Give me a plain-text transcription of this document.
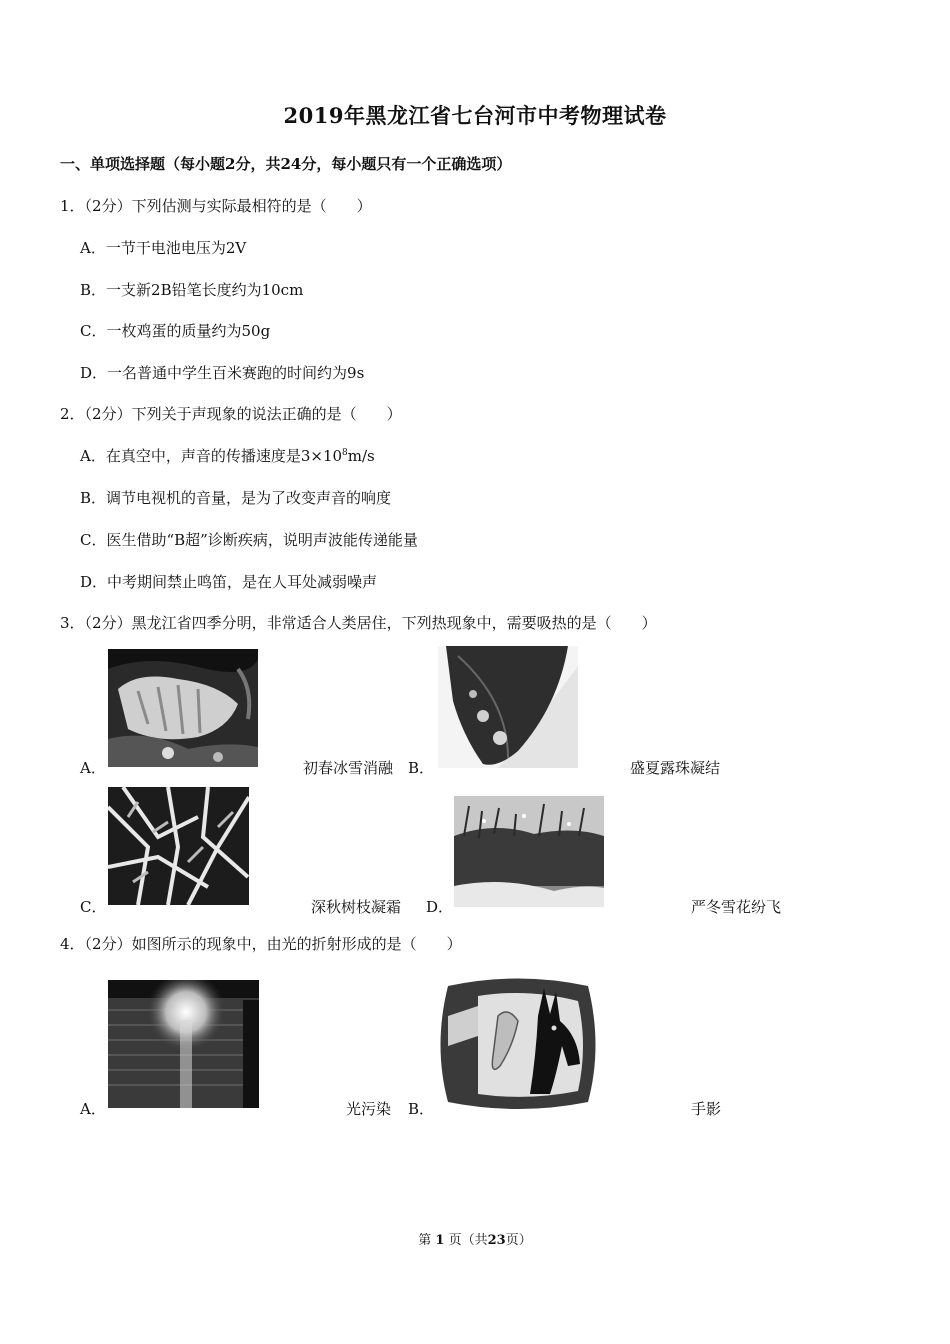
2019年黑龙江省七台河市中考物理试卷
一、单项选择题（每小题2分，共24分，每小题只有一个正确选项）
1．（2分）下列估测与实际最相符的是（　　）
A．一节干电池电压为2V
B．一支新2B铅笔长度约为10cm
C．一枚鸡蛋的质量约为50g
D．一名普通中学生百米赛跑的时间约为9s
2．（2分）下列关于声现象的说法正确的是（　　）
A．在真空中，声音的传播速度是$3\times 10^8m/s$
B．调节电视机的音量，是为了改变声音的响度
C．医生借助“B超”诊断疾病，说明声波能传递能量
D．中考期间禁止鸣笛，是在人耳处减弱噪声
3．（2分）黑龙江省四季分明，非常适合人类居住，下列热现象中，需要吸热的是（　　）
A．	初春冰雪消融 B．	盛夏露珠凝结
C．	深秋树枝凝霜 D．	严冬雪花纷飞
4．（2分）如图所示的现象中，由光的折射形成的是（　　）
A．	光污染 B．	手影
第 1 页（共23页）
